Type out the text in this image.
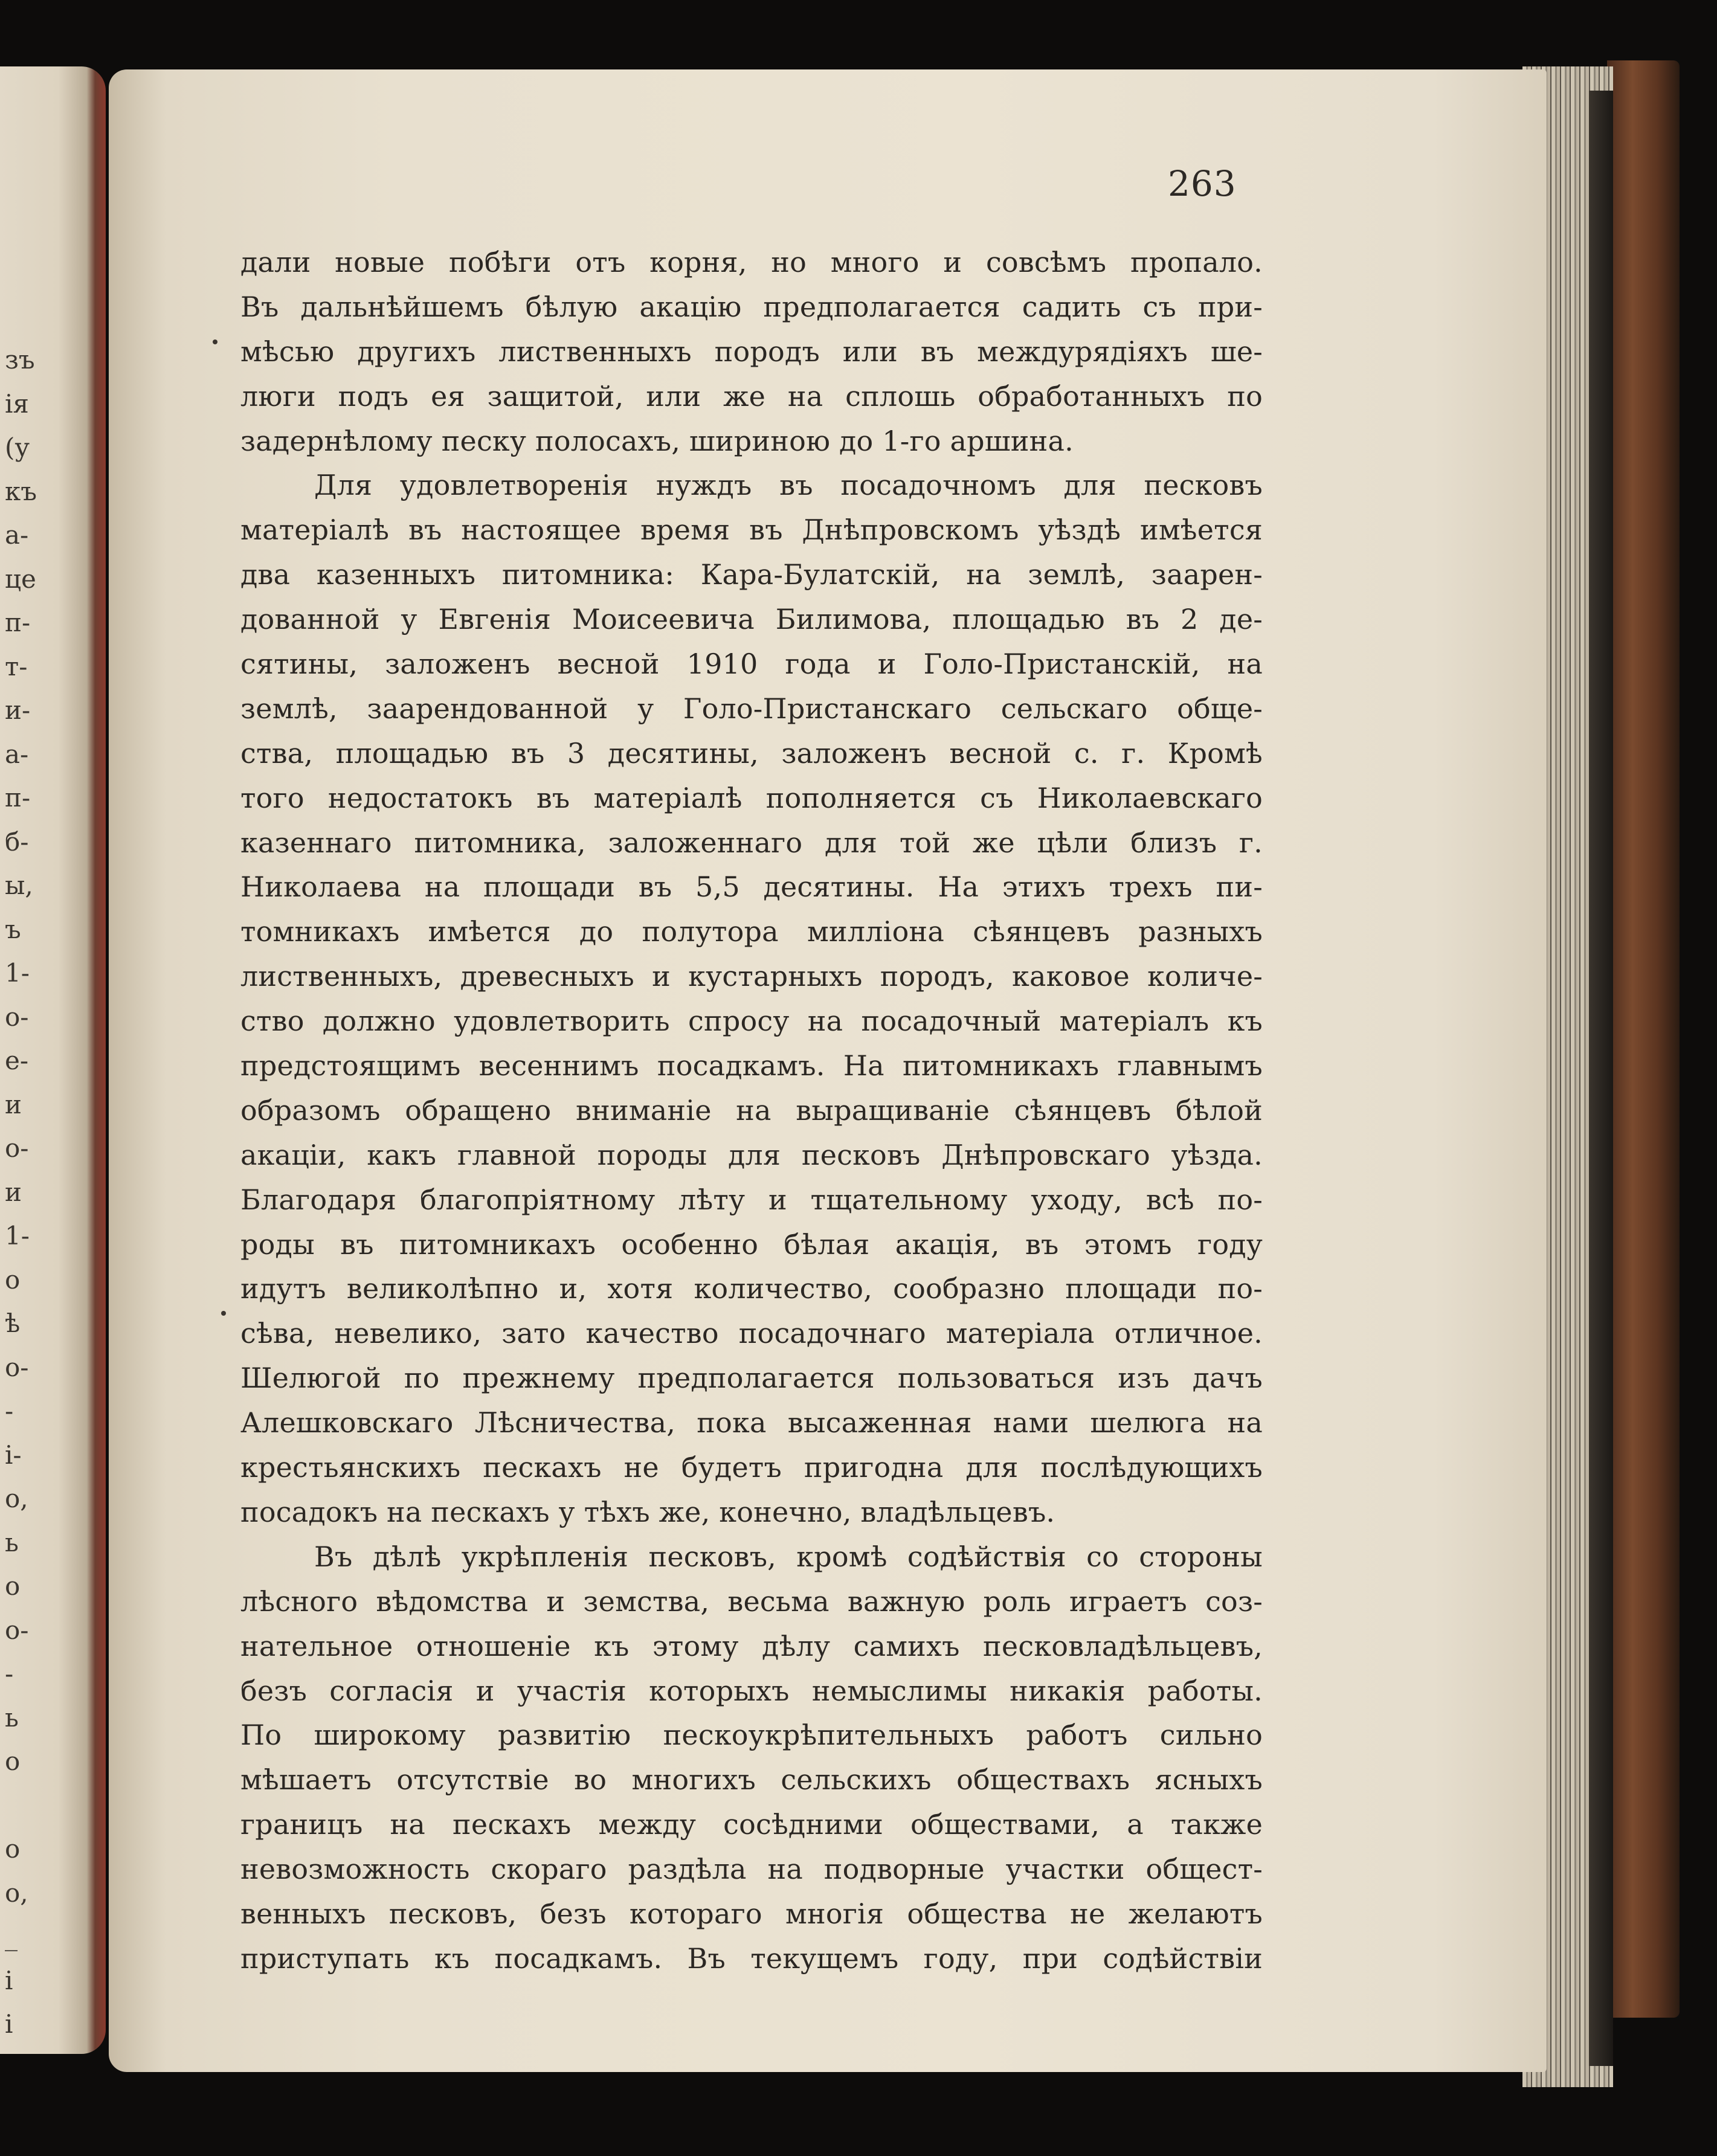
зъ
ія
(у
къ
а-
це
п-
т-
и-
а-
п-
б-
ы,
ъ
1-
о-
е-
и
о-
и
1-
о
ѣ
о-
-
і-
о,
ь
о
о-
-
ь
о
о
о,
_
і
і
263
дали новые побѣги отъ корня, но много и совсѣмъ пропало.
Въ дальнѣйшемъ бѣлую акацію предполагается садить съ при-
мѣсью другихъ лиственныхъ породъ или въ междурядіяхъ ше-
люги подъ ея защитой, или же на сплошь обработанныхъ по
задернѣлому песку полосахъ, шириною до 1-го аршина.
Для удовлетворенія нуждъ въ посадочномъ для песковъ
матеріалѣ въ настоящее время въ Днѣпровскомъ уѣздѣ имѣется
два казенныхъ питомника: Кара-Булатскій, на землѣ, заарен-
дованной у Евгенія Моисеевича Билимова, площадью въ 2 де-
сятины, заложенъ весной 1910 года и Голо-Пристанскій, на
землѣ, заарендованной у Голо-Пристанскаго сельскаго обще-
ства, площадью въ 3 десятины, заложенъ весной с. г. Кромѣ
того недостатокъ въ матеріалѣ пополняется съ Николаевскаго
казеннаго питомника, заложеннаго для той же цѣли близъ г.
Николаева на площади въ 5,5 десятины. На этихъ трехъ пи-
томникахъ имѣется до полутора милліона сѣянцевъ разныхъ
лиственныхъ, древесныхъ и кустарныхъ породъ, каковое количе-
ство должно удовлетворить спросу на посадочный матеріалъ къ
предстоящимъ весеннимъ посадкамъ. На питомникахъ главнымъ
образомъ обращено вниманіе на выращиваніе сѣянцевъ бѣлой
акаціи, какъ главной породы для песковъ Днѣпровскаго уѣзда.
Благодаря благопріятному лѣту и тщательному уходу, всѣ по-
роды въ питомникахъ особенно бѣлая акація, въ этомъ году
идутъ великолѣпно и, хотя количество, сообразно площади по-
сѣва, невелико, зато качество посадочнаго матеріала отличное.
Шелюгой по прежнему предполагается пользоваться изъ дачъ
Алешковскаго Лѣсничества, пока высаженная нами шелюга на
крестьянскихъ пескахъ не будетъ пригодна для послѣдующихъ
посадокъ на пескахъ у тѣхъ же, конечно, владѣльцевъ.
Въ дѣлѣ укрѣпленія песковъ, кромѣ содѣйствія со стороны
лѣсного вѣдомства и земства, весьма важную роль играетъ соз-
нательное отношеніе къ этому дѣлу самихъ песковладѣльцевъ,
безъ согласія и участія которыхъ немыслимы никакія работы.
По широкому развитію пескоукрѣпительныхъ работъ сильно
мѣшаетъ отсутствіе во многихъ сельскихъ обществахъ ясныхъ
границъ на пескахъ между сосѣдними обществами, а также
невозможность скораго раздѣла на подворные участки общест-
венныхъ песковъ, безъ котораго многія общества не желаютъ
приступать къ посадкамъ. Въ текущемъ году, при содѣйствіи
